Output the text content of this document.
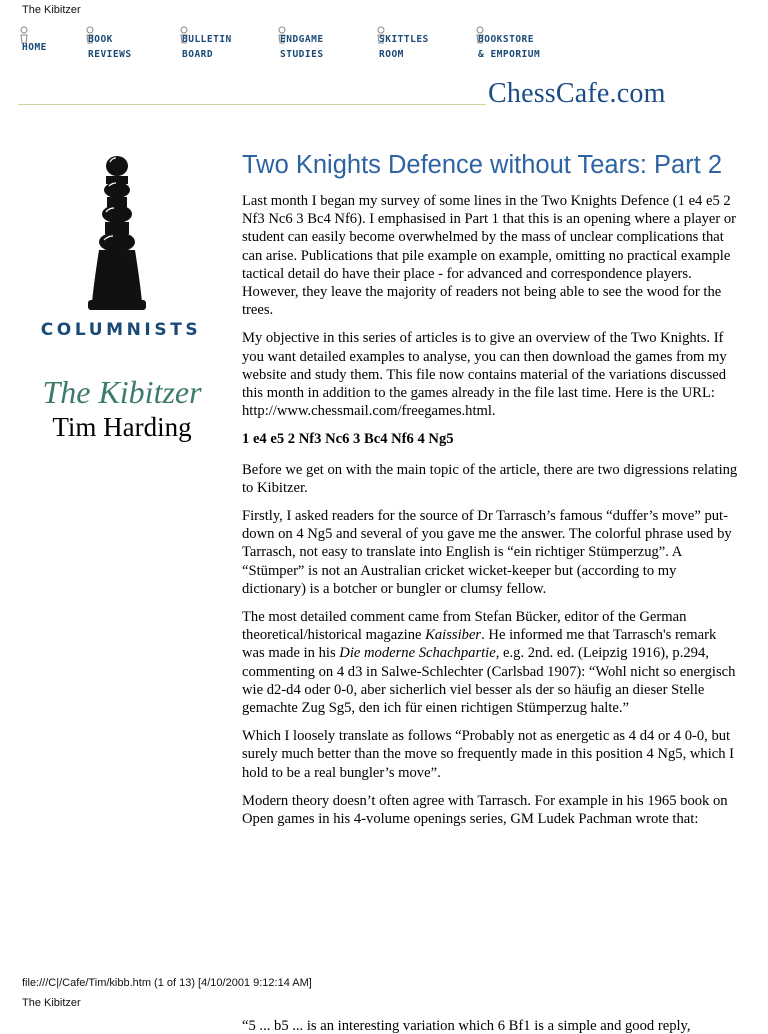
The Kibitzer
HOME
BOOK
REVIEWS
BULLETIN
BOARD
ENDGAME
STUDIES
SKITTLES
ROOM
BOOKSTORE
& EMPORIUM
ChessCafe.com
COLUMNISTS
The Kibitzer
Tim Harding
Two Knights Defence without Tears: Part 2

Last month I began my survey of some lines in the Two Knights Defence (1 e4 e5 2 Nf3 Nc6 3 Bc4 Nf6). I emphasised in Part 1 that this is an opening where a player or student can easily become overwhelmed by the mass of unclear complications that can arise. Publications that pile example on example, omitting no practical example tactical detail do have their place - for advanced and correspondence players. However, they leave the majority of readers not being able to see the wood for the trees.

My objective in this series of articles is to give an overview of the Two Knights. If you want detailed examples to analyse, you can then download the games from my website and study them. This file now contains material of the variations discussed this month in addition to the games already in the file last time. Here is the URL: http://www.chessmail.com/freegames.html.

1 e4 e5 2 Nf3 Nc6 3 Bc4 Nf6 4 Ng5

Before we get on with the main topic of the article, there are two digressions relating to Kibitzer.

Firstly, I asked readers for the source of Dr Tarrasch’s famous “duffer’s move” put-down on 4 Ng5 and several of you gave me the answer. The colorful phrase used by Tarrasch, not easy to translate into English is “ein richtiger Stümperzug”. A “Stümper” is not an Australian cricket wicket-keeper but (according to my dictionary) is a botcher or bungler or clumsy fellow.

The most detailed comment came from Stefan Bücker, editor of the German theoretical/historical magazine Kaissiber. He informed me that Tarrasch's remark was made in his Die moderne Schachpartie, e.g. 2nd. ed. (Leipzig 1916), p.294, commenting on 4 d3 in Salwe-Schlechter (Carlsbad 1907): “Wohl nicht so energisch wie d2-d4 oder 0-0, aber sicherlich viel besser als der so häufig an dieser Stelle gemachte Zug Sg5, den ich für einen richtigen Stümperzug halte.”

Which I loosely translate as follows “Probably not as energetic as 4 d4 or 4 0-0, but surely much better than the move so frequently made in this position 4 Ng5, which I hold to be a real bungler’s move”.

Modern theory doesn’t often agree with Tarrasch. For example in his 1965 book on Open games in his 4-volume openings series, GM Ludek Pachman wrote that:

file:///C|/Cafe/Tim/kibb.htm (1 of 13) [4/10/2001 9:12:14 AM]
The Kibitzer
“5 ... b5 ... is an interesting variation which 6 Bf1 is a simple and good reply,
